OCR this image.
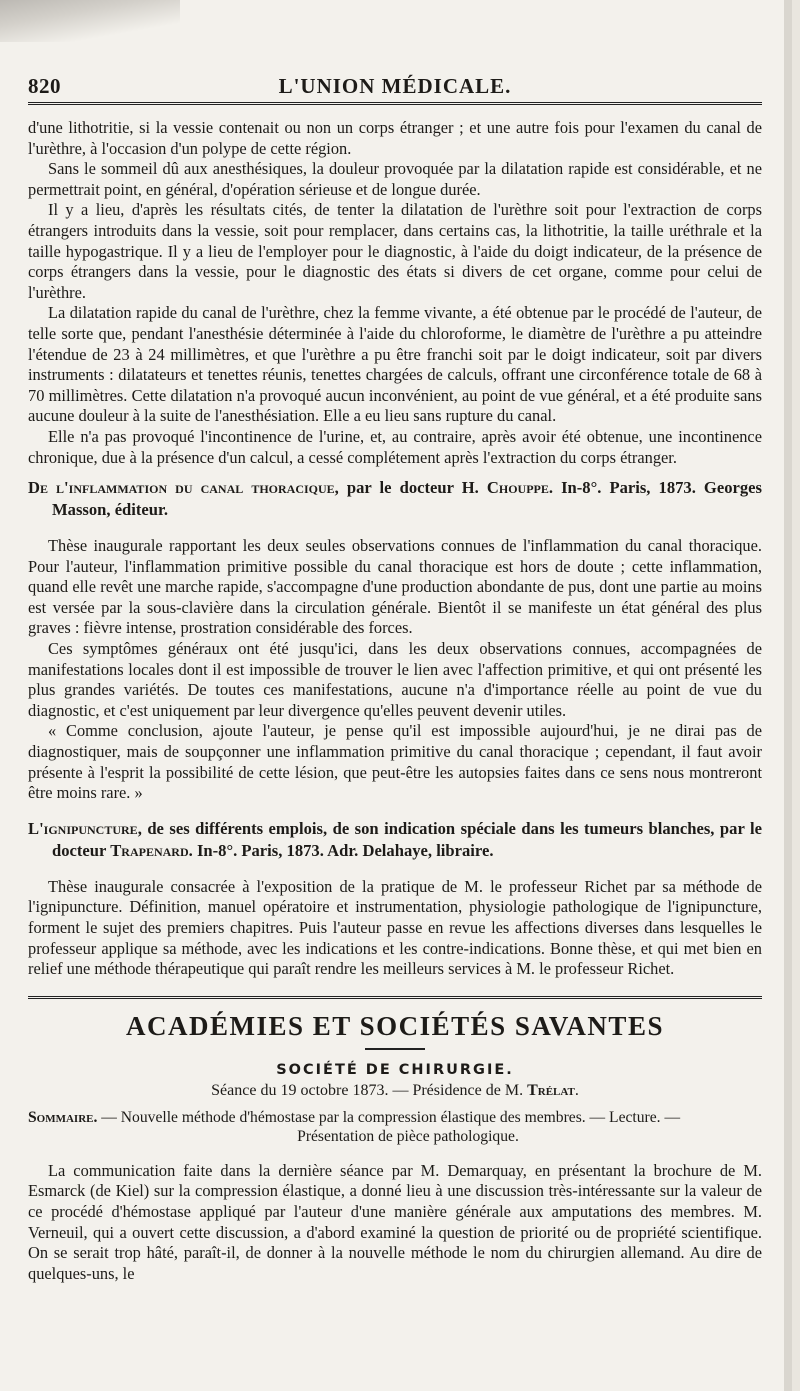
820	L'UNION MÉDICALE.

d'une lithotritie, si la vessie contenait ou non un corps étranger ; et une autre fois pour l'examen du canal de l'urèthre, à l'occasion d'un polype de cette région.

Sans le sommeil dû aux anesthésiques, la douleur provoquée par la dilatation rapide est considérable, et ne permettrait point, en général, d'opération sérieuse et de longue durée.

Il y a lieu, d'après les résultats cités, de tenter la dilatation de l'urèthre soit pour l'extraction de corps étrangers introduits dans la vessie, soit pour remplacer, dans certains cas, la lithotritie, la taille uréthrale et la taille hypogastrique. Il y a lieu de l'employer pour le diagnostic, à l'aide du doigt indicateur, de la présence de corps étrangers dans la vessie, pour le diagnostic des états si divers de cet organe, comme pour celui de l'urèthre.

La dilatation rapide du canal de l'urèthre, chez la femme vivante, a été obtenue par le procédé de l'auteur, de telle sorte que, pendant l'anesthésie déterminée à l'aide du chloroforme, le diamètre de l'urèthre a pu atteindre l'étendue de 23 à 24 millimètres, et que l'urèthre a pu être franchi soit par le doigt indicateur, soit par divers instruments : dilatateurs et tenettes réunis, tenettes chargées de calculs, offrant une circonférence totale de 68 à 70 millimètres. Cette dilatation n'a provoqué aucun inconvénient, au point de vue général, et a été produite sans aucune douleur à la suite de l'anesthésiation. Elle a eu lieu sans rupture du canal.

Elle n'a pas provoqué l'incontinence de l'urine, et, au contraire, après avoir été obtenue, une incontinence chronique, due à la présence d'un calcul, a cessé complétement après l'extraction du corps étranger.

De l'inflammation du canal thoracique, par le docteur H. Chouppe. In-8°. Paris, 1873. Georges Masson, éditeur.

Thèse inaugurale rapportant les deux seules observations connues de l'inflammation du canal thoracique. Pour l'auteur, l'inflammation primitive possible du canal thoracique est hors de doute ; cette inflammation, quand elle revêt une marche rapide, s'accompagne d'une production abondante de pus, dont une partie au moins est versée par la sous-clavière dans la circulation générale. Bientôt il se manifeste un état général des plus graves : fièvre intense, prostration considérable des forces.

Ces symptômes généraux ont été jusqu'ici, dans les deux observations connues, accompagnées de manifestations locales dont il est impossible de trouver le lien avec l'affection primitive, et qui ont présenté les plus grandes variétés. De toutes ces manifestations, aucune n'a d'importance réelle au point de vue du diagnostic, et c'est uniquement par leur divergence qu'elles peuvent devenir utiles.

« Comme conclusion, ajoute l'auteur, je pense qu'il est impossible aujourd'hui, je ne dirai pas de diagnostiquer, mais de soupçonner une inflammation primitive du canal thoracique ; cependant, il faut avoir présente à l'esprit la possibilité de cette lésion, que peut-être les autopsies faites dans ce sens nous montreront être moins rare. »

L'ignipuncture, de ses différents emplois, de son indication spéciale dans les tumeurs blanches, par le docteur Trapenard. In-8°. Paris, 1873. Adr. Delahaye, libraire.

Thèse inaugurale consacrée à l'exposition de la pratique de M. le professeur Richet par sa méthode de l'ignipuncture. Définition, manuel opératoire et instrumentation, physiologie pathologique de l'ignipuncture, forment le sujet des premiers chapitres. Puis l'auteur passe en revue les affections diverses dans lesquelles le professeur applique sa méthode, avec les indications et les contre-indications. Bonne thèse, et qui met bien en relief une méthode thérapeutique qui paraît rendre les meilleurs services à M. le professeur Richet.

ACADÉMIES ET SOCIÉTÉS SAVANTES
SOCIÉTÉ DE CHIRURGIE.
Séance du 19 octobre 1873. — Présidence de M. Trélat.
Sommaire. — Nouvelle méthode d'hémostase par la compression élastique des membres. — Lecture. —
Présentation de pièce pathologique.

La communication faite dans la dernière séance par M. Demarquay, en présentant la brochure de M. Esmarck (de Kiel) sur la compression élastique, a donné lieu à une discussion très-intéressante sur la valeur de ce procédé d'hémostase appliqué par l'auteur d'une manière générale aux amputations des membres. M. Verneuil, qui a ouvert cette discussion, a d'abord examiné la question de priorité ou de propriété scientifique. On se serait trop hâté, paraît-il, de donner à la nouvelle méthode le nom du chirurgien allemand. Au dire de quelques-uns, le
